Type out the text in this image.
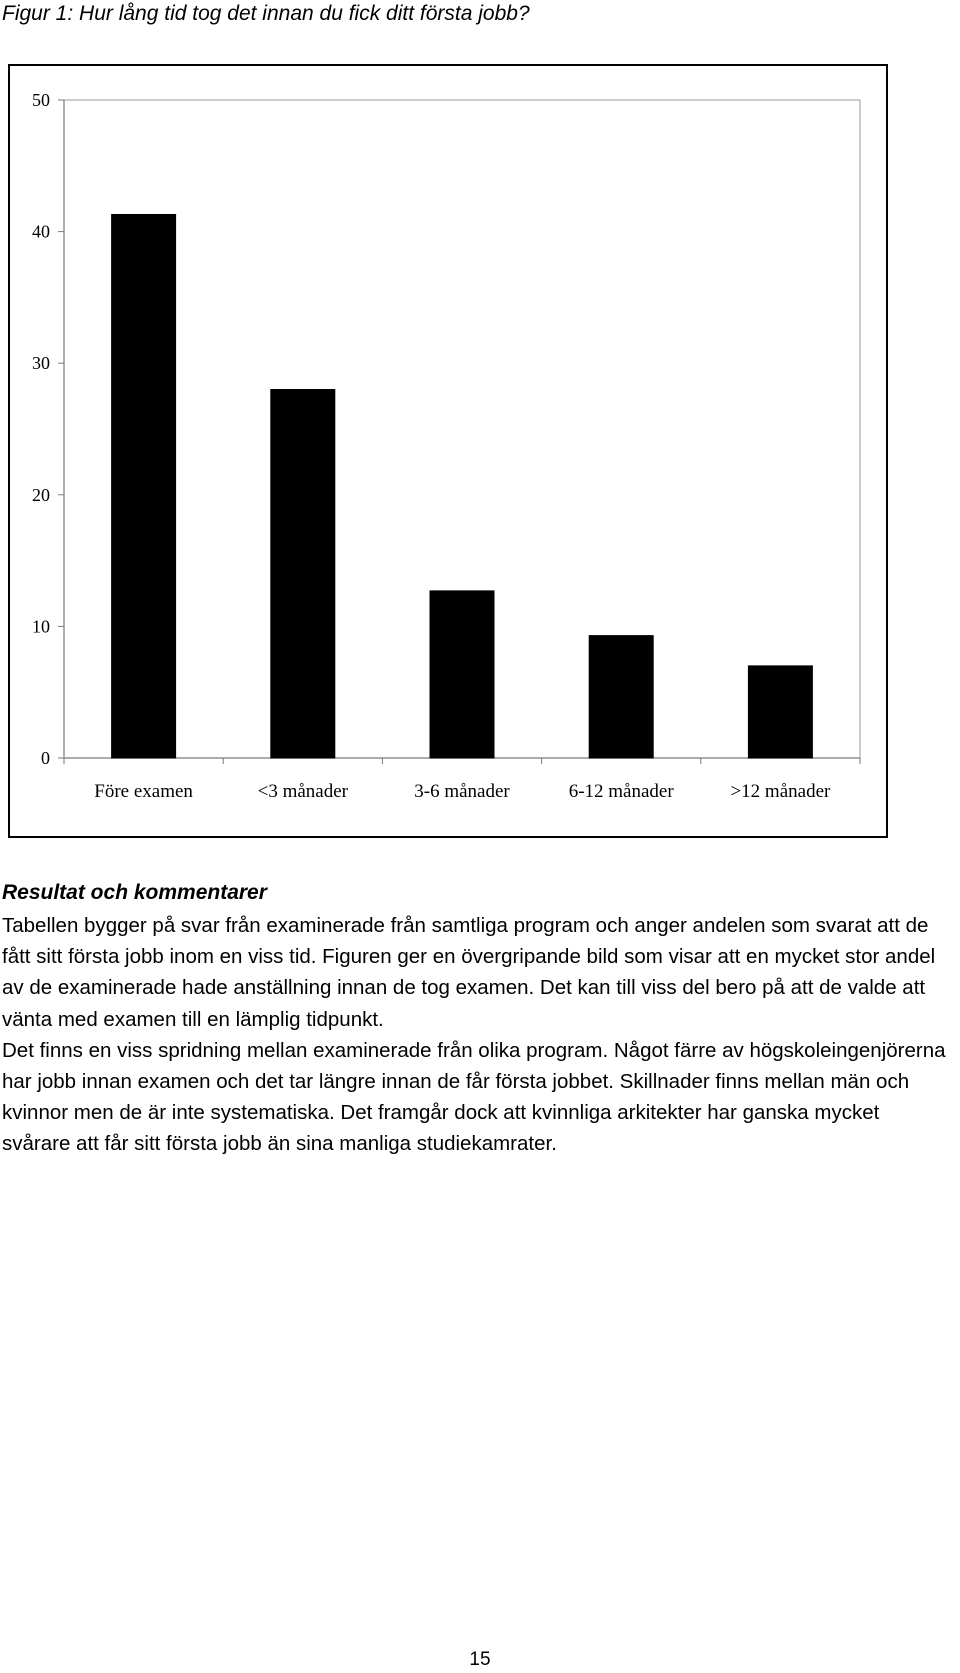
Figur 1: Hur lång tid tog det innan du fick ditt första jobb?
0
10
20
30
40
50
Före examen	<3 månader	3-6 månader	6-12 månader	>12 månader
Resultat och kommentarer

Tabellen bygger på svar från examinerade från samtliga program och anger andelen som svarat att de fått sitt första jobb inom en viss tid. Figuren ger en övergripande bild som visar att en mycket stor andel av de examinerade hade anställning innan de tog examen. Det kan till viss del bero på att de valde att vänta med examen till en lämplig tidpunkt.

Det finns en viss spridning mellan examinerade från olika program. Något färre av högskoleingenjörerna har jobb innan examen och det tar längre innan de får första jobbet. Skillnader finns mellan män och kvinnor men de är inte systematiska. Det framgår dock att kvinnliga arkitekter har ganska mycket svårare att får sitt första jobb än sina manliga studiekamrater.

15
